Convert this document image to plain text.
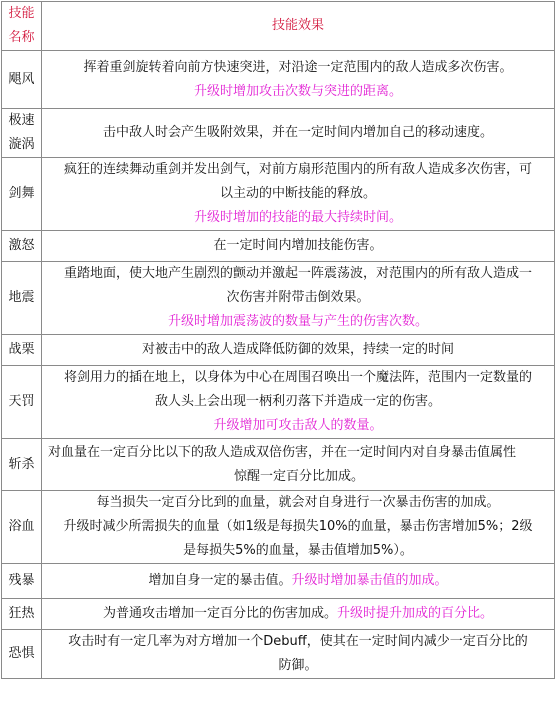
技能
名称	技能效果

飓风	挥着重剑旋转着向前方快速突进，对沿途一定范围内的敌人造成多次伤害。
升级时增加攻击次数与突进的距离。

极速
漩涡	击中敌人时会产生吸附效果，并在一定时间内增加自己的移动速度。

剑舞	疯狂的连续舞动重剑并发出剑气，对前方扇形范围内的所有敌人造成多次伤害，可
以主动的中断技能的释放。
升级时增加的技能的最大持续时间。

激怒	在一定时间内增加技能伤害。

地震	重踏地面，使大地产生剧烈的颤动并激起一阵震荡波，对范围内的所有敌人造成一
次伤害并附带击倒效果。
升级时增加震荡波的数量与产生的伤害次数。

战栗	对被击中的敌人造成降低防御的效果，持续一定的时间

天罚	将剑用力的插在地上，以身体为中心在周围召唤出一个魔法阵，范围内一定数量的
敌人头上会出现一柄利刃落下并造成一定的伤害。
升级增加可攻击敌人的数量。

斩杀	对血量在一定百分比以下的敌人造成双倍伤害，并在一定时间内对自身暴击值属性
惊醒一定百分比加成。

浴血	每当损失一定百分比到的血量，就会对自身进行一次暴击伤害的加成。
升级时减少所需损失的血量（如1级是每损失10%的血量，暴击伤害增加5%；2级
是每损失5%的血量，暴击值增加5%）。

残暴	增加自身一定的暴击值。升级时增加暴击值的加成。

狂热	为普通攻击增加一定百分比的伤害加成。升级时提升加成的百分比。

恐惧	攻击时有一定几率为对方增加一个Debuff，使其在一定时间内减少一定百分比的
防御。
